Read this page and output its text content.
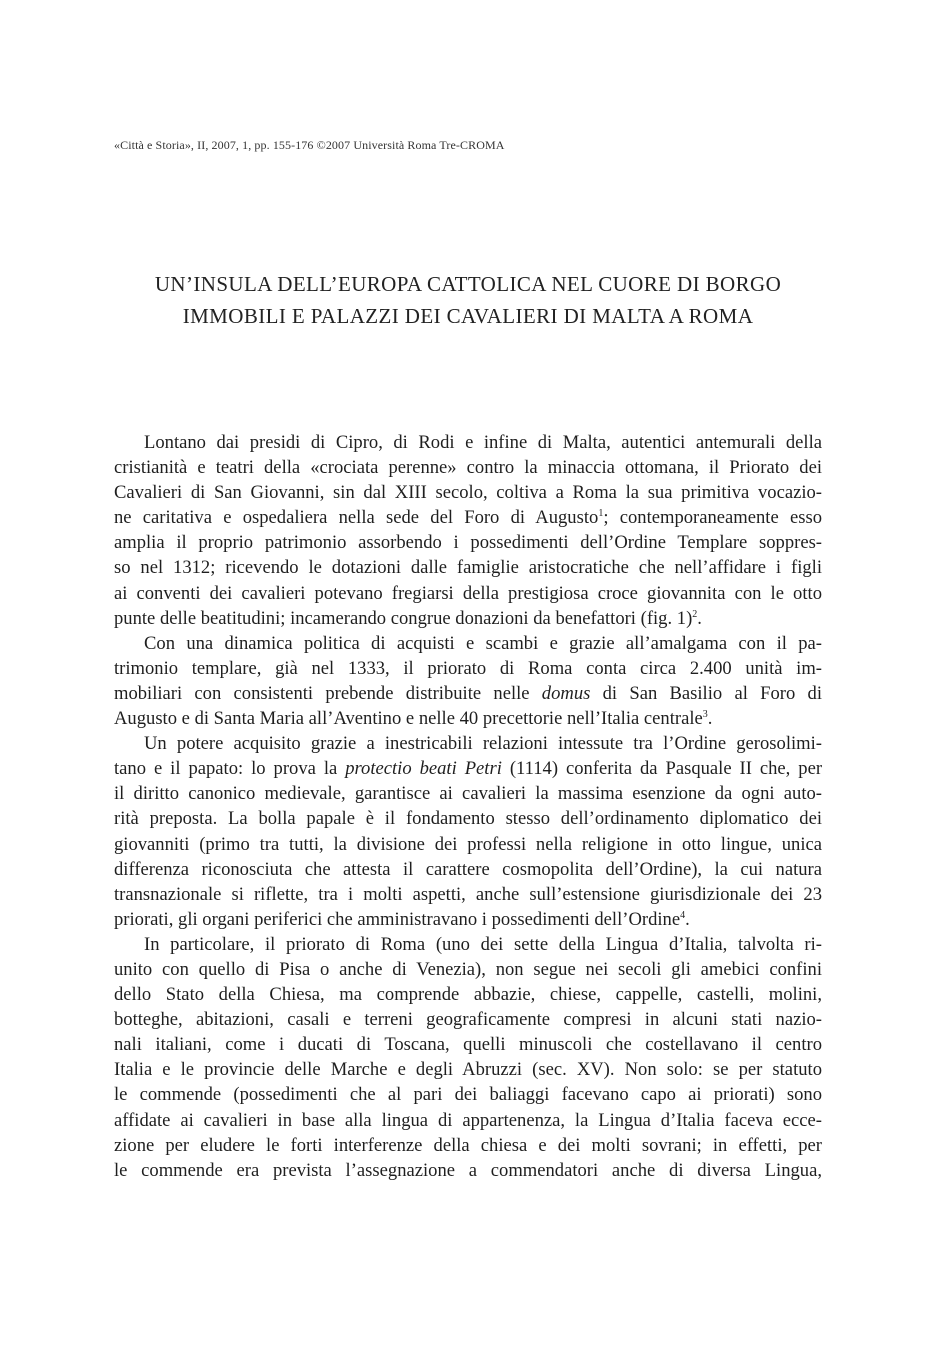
«Città e Storia», II, 2007, 1, pp. 155-176 ©2007 Università Roma Tre-CROMA
UN’INSULA DELL’EUROPA CATTOLICA NEL CUORE DI BORGO
IMMOBILI E PALAZZI DEI CAVALIERI DI MALTA A ROMA

Lontano dai presidi di Cipro, di Rodi e infine di Malta, autentici antemurali della
cristianità e teatri della «crociata perenne» contro la minaccia ottomana, il Priorato dei
Cavalieri di San Giovanni, sin dal XIII secolo, coltiva a Roma la sua primitiva vocazio-
ne caritativa e ospedaliera nella sede del Foro di Augusto$^1$; contemporaneamente esso
amplia il proprio patrimonio assorbendo i possedimenti dell’Ordine Templare soppres-
so nel 1312; ricevendo le dotazioni dalle famiglie aristocratiche che nell’affidare i figli
ai conventi dei cavalieri potevano fregiarsi della prestigiosa croce giovannita con le otto
punte delle beatitudini; incamerando congrue donazioni da benefattori (fig. 1)$^2$.

Con una dinamica politica di acquisti e scambi e grazie all’amalgama con il pa-
trimonio templare, già nel 1333, il priorato di Roma conta circa 2.400 unità im-
mobiliari con consistenti prebende distribuite nelle domus di San Basilio al Foro di
Augusto e di Santa Maria all’Aventino e nelle 40 precettorie nell’Italia centrale$^3$.

Un potere acquisito grazie a inestricabili relazioni intessute tra l’Ordine gerosolimi-
tano e il papato: lo prova la protectio beati Petri (1114) conferita da Pasquale II che, per
il diritto canonico medievale, garantisce ai cavalieri la massima esenzione da ogni auto-
rità preposta. La bolla papale è il fondamento stesso dell’ordinamento diplomatico dei
giovanniti (primo tra tutti, la divisione dei professi nella religione in otto lingue, unica
differenza riconosciuta che attesta il carattere cosmopolita dell’Ordine), la cui natura
transnazionale si riflette, tra i molti aspetti, anche sull’estensione giurisdizionale dei 23
priorati, gli organi periferici che amministravano i possedimenti dell’Ordine$^4$.

In particolare, il priorato di Roma (uno dei sette della Lingua d’Italia, talvolta ri-
unito con quello di Pisa o anche di Venezia), non segue nei secoli gli amebici confini
dello Stato della Chiesa, ma comprende abbazie, chiese, cappelle, castelli, molini,
botteghe, abitazioni, casali e terreni geograficamente compresi in alcuni stati nazio-
nali italiani, come i ducati di Toscana, quelli minuscoli che costellavano il centro
Italia e le provincie delle Marche e degli Abruzzi (sec. XV). Non solo: se per statuto
le commende (possedimenti che al pari dei baliaggi facevano capo ai priorati) sono
affidate ai cavalieri in base alla lingua di appartenenza, la Lingua d’Italia faceva ecce-
zione per eludere le forti interferenze della chiesa e dei molti sovrani; in effetti, per
le commende era prevista l’assegnazione a commendatori anche di diversa Lingua,
